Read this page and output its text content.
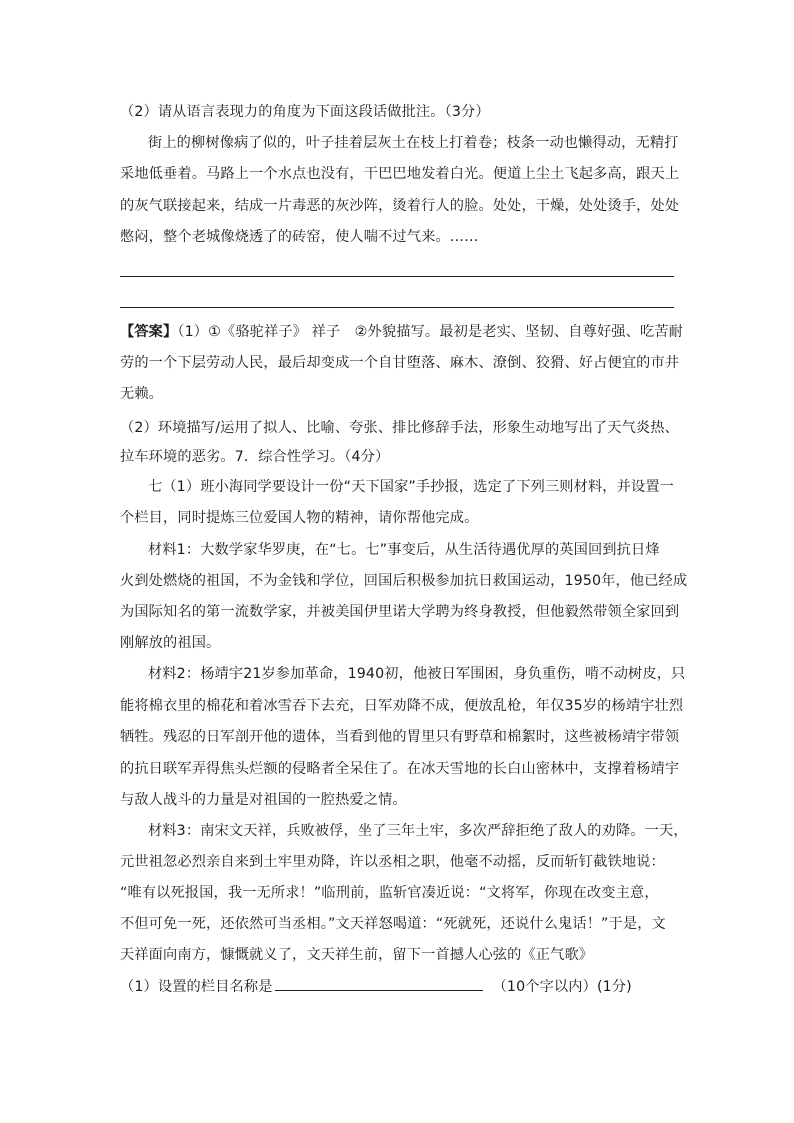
（2）请从语言表现力的角度为下面这段话做批注。（3分）
街上的柳树像病了似的，叶子挂着层灰土在枝上打着卷；枝条一动也懒得动，无精打
采地低垂着。马路上一个水点也没有，干巴巴地发着白光。便道上尘土飞起多高，跟天上
的灰气联接起来，结成一片毒恶的灰沙阵，烫着行人的脸。处处，干燥，处处烫手，处处
憋闷，整个老城像烧透了的砖窑，使人喘不过气来。……
【答案】（1）①《骆驼祥子》 祥子　②外貌描写。最初是老实、坚韧、自尊好强、吃苦耐
劳的一个下层劳动人民，最后却变成一个自甘堕落、麻木、潦倒、狡猾、好占便宜的市井
无赖。
（2）环境描写/运用了拟人、比喻、夸张、排比修辞手法，形象生动地写出了天气炎热、
拉车环境的恶劣。7．综合性学习。（4分）
七（1）班小海同学要设计一份“天下国家”手抄报，选定了下列三则材料，并设置一
个栏目，同时提炼三位爱国人物的精神，请你帮他完成。
材料1：大数学家华罗庚，在“七。七”事变后，从生活待遇优厚的英国回到抗日烽
火到处燃烧的祖国，不为金钱和学位，回国后积极参加抗日救国运动，1950年，他已经成
为国际知名的第一流数学家，并被美国伊里诺大学聘为终身教授，但他毅然带领全家回到
刚解放的祖国。
材料2：杨靖宇21岁参加革命，1940初，他被日军围困，身负重伤，啃不动树皮，只
能将棉衣里的棉花和着冰雪吞下去充，日军劝降不成，便放乱枪，年仅35岁的杨靖宇壮烈
牺牲。残忍的日军剖开他的遗体，当看到他的胃里只有野草和棉絮时，这些被杨靖宇带领
的抗日联军弄得焦头烂额的侵略者全呆住了。在冰天雪地的长白山密林中，支撑着杨靖宇
与敌人战斗的力量是对祖国的一腔热爱之情。
材料3：南宋文天祥，兵败被俘，坐了三年土牢，多次严辞拒绝了敌人的劝降。一天，
元世祖忽必烈亲自来到土牢里劝降，许以丞相之职，他毫不动摇，反而斩钉截铁地说：
“唯有以死报国，我一无所求！”临刑前，监斩官凑近说：“文将军，你现在改变主意，
不但可免一死，还依然可当丞相。”文天祥怒喝道：“死就死，还说什么鬼话！”于是，文
天祥面向南方，慷慨就义了，文天祥生前，留下一首撼人心弦的《正气歌》
（1）设置的栏目名称是	（10个字以内）(1分)
